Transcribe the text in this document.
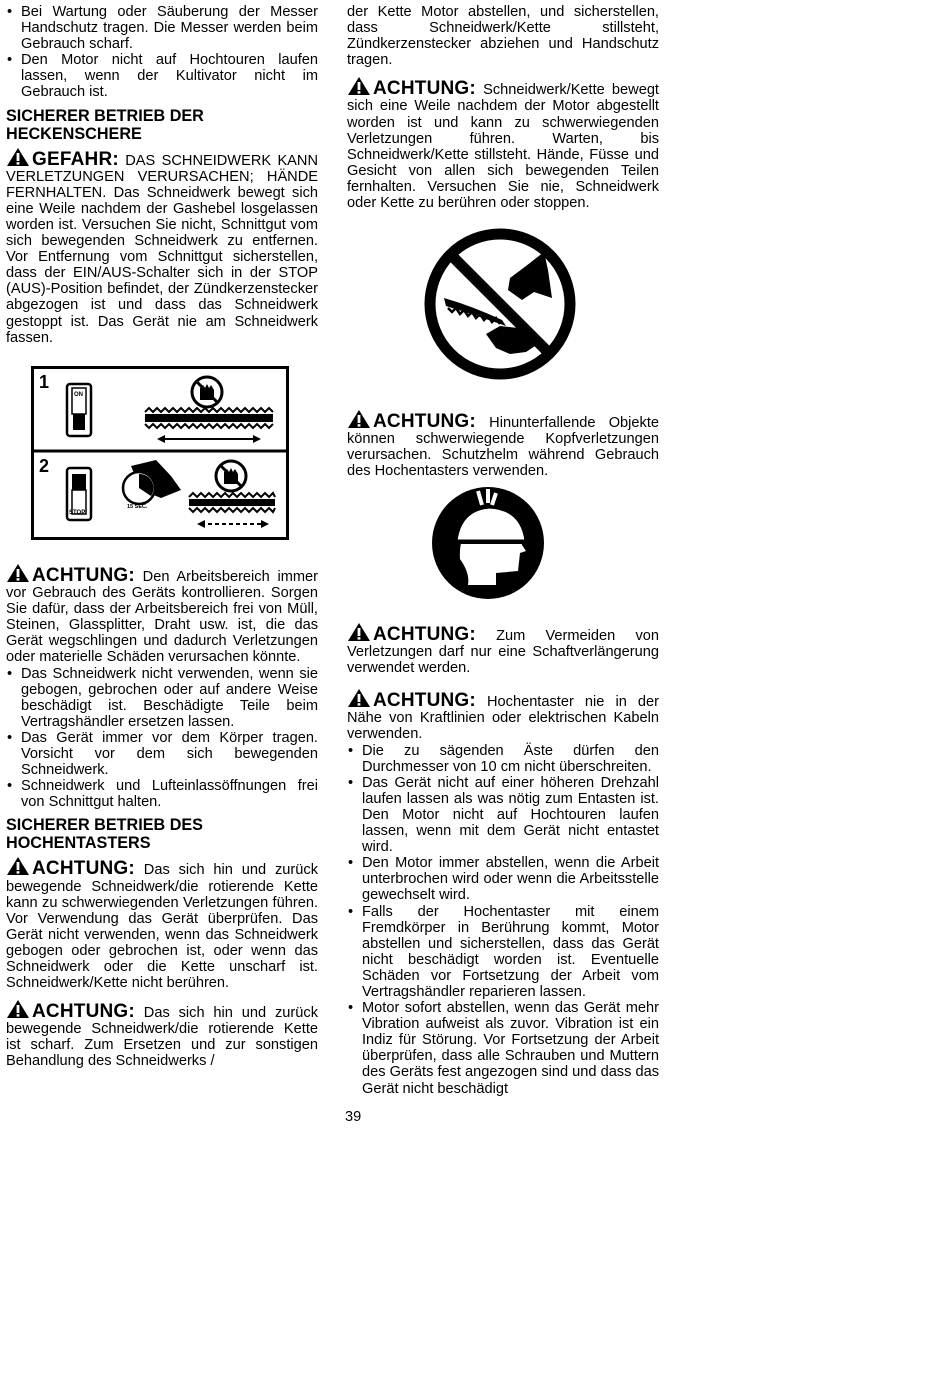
• Bei Wartung oder Säuberung der Messer Handschutz tragen. Die Messer werden beim Gebrauch scharf.
• Den Motor nicht auf Hochtouren laufen lassen, wenn der Kultivator nicht im Gebrauch ist.
SICHERER BETRIEB DER HECKENSCHERE

GEFAHR: DAS SCHNEIDWERK KANN VERLETZUNGEN VERURSACHEN; HÄNDE FERNHALTEN. Das Schneidwerk bewegt sich eine Weile nachdem der Gashebel losgelassen worden ist. Versuchen Sie nicht, Schnittgut vom sich bewegenden Schneidwerk zu entfernen. Vor Entfernung vom Schnittgut sicherstellen, dass der EIN/AUS-Schalter sich in der STOP (AUS)-Position befindet, der Zündkerzenstecker abgezogen ist und dass das Schneidwerk gestoppt ist. Das Gerät nie am Schneidwerk fassen.

1
2
ON
STOP
15 SEC.

ACHTUNG: Den Arbeitsbereich immer vor Gebrauch des Geräts kontrollieren. Sorgen Sie dafür, dass der Arbeitsbereich frei von Müll, Steinen, Glassplitter, Draht usw. ist, die das Gerät wegschlingen und dadurch Verletzungen oder materielle Schäden verursachen könnte.

• Das Schneidwerk nicht verwenden, wenn sie gebogen, gebrochen oder auf andere Weise beschädigt ist. Beschädigte Teile beim Vertragshändler ersetzen lassen.
• Das Gerät immer vor dem Körper tragen. Vorsicht vor dem sich bewegenden Schneidwerk.
• Schneidwerk und Lufteinlassöffnungen frei von Schnittgut halten.
SICHERER BETRIEB DES HOCHENTASTERS

ACHTUNG: Das sich hin und zurück bewegende Schneidwerk/die rotierende Kette kann zu schwerwiegenden Verletzungen führen. Vor Verwendung das Gerät überprüfen. Das Gerät nicht verwenden, wenn das Schneidwerk gebogen oder gebrochen ist, oder wenn das Schneidwerk oder die Kette unscharf ist. Schneidwerk/Kette nicht berühren.

ACHTUNG: Das sich hin und zurück bewegende Schneidwerk/die rotierende Kette ist scharf. Zum Ersetzen und zur sonstigen Behandlung des Schneidwerks /

der Kette Motor abstellen, und sicherstellen, dass Schneidwerk/Kette stillsteht, Zündkerzenstecker abziehen und Handschutz tragen.

ACHTUNG: Schneidwerk/Kette bewegt sich eine Weile nachdem der Motor abgestellt worden ist und kann zu schwerwiegenden Verletzungen führen. Warten, bis Schneidwerk/Kette stillsteht. Hände, Füsse und Gesicht von allen sich bewegenden Teilen fernhalten. Versuchen Sie nie, Schneidwerk oder Kette zu berühren oder stoppen.

ACHTUNG: Hinunterfallende Objekte können schwerwiegende Kopfverletzungen verursachen. Schutzhelm während Gebrauch des Hochentasters verwenden.

ACHTUNG: Zum Vermeiden von Verletzungen darf nur eine Schaftverlängerung verwendet werden.

ACHTUNG: Hochentaster nie in der Nähe von Kraftlinien oder elektrischen Kabeln verwenden.

• Die zu sägenden Äste dürfen den Durchmesser von 10 cm nicht überschreiten.
• Das Gerät nicht auf einer höheren Drehzahl laufen lassen als was nötig zum Entasten ist. Den Motor nicht auf Hochtouren laufen lassen, wenn mit dem Gerät nicht entastet wird.
• Den Motor immer abstellen, wenn die Arbeit unterbrochen wird oder wenn die Arbeitsstelle gewechselt wird.
• Falls der Hochentaster mit einem Fremdkörper in Berührung kommt, Motor abstellen und sicherstellen, dass das Gerät nicht beschädigt worden ist. Eventuelle Schäden vor Fortsetzung der Arbeit vom Vertragshändler reparieren lassen.
• Motor sofort abstellen, wenn das Gerät mehr Vibration aufweist als zuvor. Vibration ist ein Indiz für Störung. Vor Fortsetzung der Arbeit überprüfen, dass alle Schrauben und Muttern des Geräts fest angezogen sind und dass das Gerät nicht beschädigt
39
